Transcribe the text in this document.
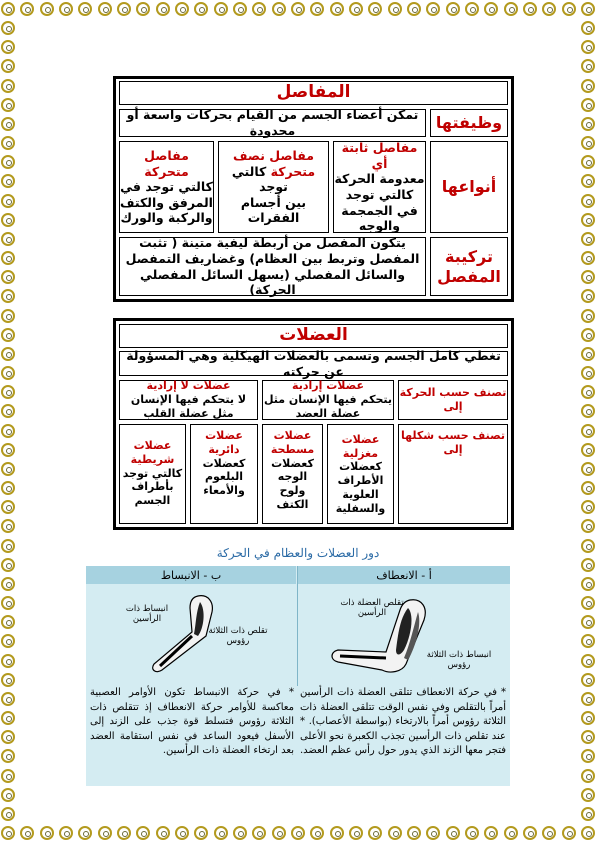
المفاصل
وظيفتها
تمكن أعضاء الجسم من القيام بحركات واسعة أو محدودة
أنواعها
مفاصل ثابتة أي
معدومة الحركة كالتي توجد في الجمجمة والوجه
مفاصل نصف
متحركة كالتي توجد
بين أجسام الفقرات
مفاصل متحركة
كالتي توجد في المرفق والكتف والركبة والورك
تركيبة المفصل
يتكون المفصل من أربطة ليفية متينة ( تثبت المفصل وتربط بين العظام) وغضاريف التمفصل والسائل المفصلي (يسهل السائل المفصلي الحركة)
العضلات
تغطي كامل الجسم وتسمى بالعضلات الهيكلية وهي المسؤولة عن حركته
تصنف حسب الحركة إلى
عضلات إرادية
يتحكم فيها الإنسان مثل عضلة العضد
عضلات لا إرادية
لا يتحكم فيها الإنسان مثل عضلة القلب
تصنف حسب شكلها إلى
عضلات مغزلية
كعضلات الأطراف العلوية والسفلية
عضلات مسطحة
كعضلات الوجه ولوح الكتف
عضلات دائرية
كعضلات البلعوم والأمعاء
عضلات شريطية
كالتي توجد بأطراف الجسم
دور العضلات والعظام في الحركة
أ - الانعطاف
ب - الانبساط
تقلص العضلة ذات الرأسين
انبساط ذات الثلاثة رؤوس
انبساط ذات الرأسين
تقلص ذات الثلاثة رؤوس
* في حركة الانعطاف تتلقى العضلة ذات الرأسين أمراً بالتقلص وفي نفس الوقت تتلقى العضلة ذات الثلاثة رؤوس أمراً بالارتخاء (بواسطة الأعصاب). * عند تقلص ذات الرأسين تجذب الكعبرة نحو الأعلى فتجر معها الزند الذي يدور حول رأس عظم العضد.
* في حركة الانبساط تكون الأوامر العصبية معاكسة للأوامر حركة الانعطاف إذ تتقلص ذات الثلاثة رؤوس فتسلط قوة جذب على الزند إلى الأسفل فيعود الساعد في نفس استقامة العضد بعد ارتخاء العضلة ذات الرأسين.
